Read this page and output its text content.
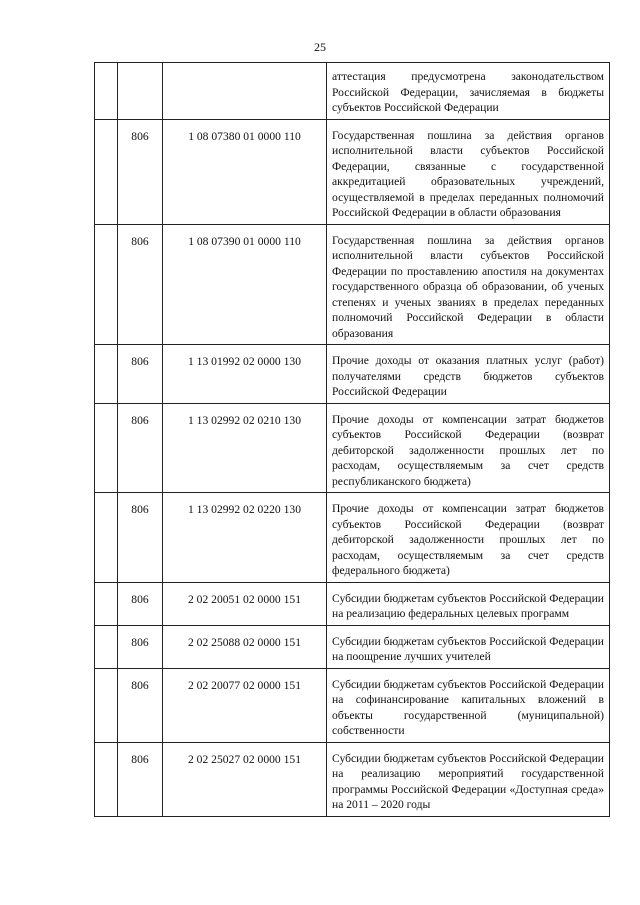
25
			аттестация предусмотрена законодательством Российской Федерации, зачисляемая в бюджеты субъектов Российской Федерации
	806	1 08 07380 01 0000 110	Государственная пошлина за действия органов исполнительной власти субъектов Российской Федерации, связанные с государственной аккредитацией образовательных учреждений, осуществляемой в пределах переданных полномочий Российской Федерации в области образования
	806	1 08 07390 01 0000 110	Государственная пошлина за действия органов исполнительной власти субъектов Российской Федерации по проставлению апостиля на документах государственного образца об образовании, об ученых степенях и ученых званиях в пределах переданных полномочий Российской Федерации в области образования
	806	1 13 01992 02 0000 130	Прочие доходы от оказания платных услуг (работ) получателями средств бюджетов субъектов Российской Федерации
	806	1 13 02992 02 0210 130	Прочие доходы от компенсации затрат бюджетов субъектов Российской Федерации (возврат дебиторской задолженности прошлых лет по расходам, осуществляемым за счет средств республиканского бюджета)
	806	1 13 02992 02 0220 130	Прочие доходы от компенсации затрат бюджетов субъектов Российской Федерации (возврат дебиторской задолженности прошлых лет по расходам, осуществляемым за счет средств федерального бюджета)
	806	2 02 20051 02 0000 151	Субсидии бюджетам субъектов Российской Федерации на реализацию федеральных целевых программ
	806	2 02 25088 02 0000 151	Субсидии бюджетам субъектов Российской Федерации на поощрение лучших учителей
	806	2 02 20077 02 0000 151	Субсидии бюджетам субъектов Российской Федерации на софинансирование капитальных вложений в объекты государственной (муниципальной) собственности
	806	2 02 25027 02 0000 151	Субсидии бюджетам субъектов Российской Федерации на реализацию мероприятий государственной программы Российской Федерации «Доступная среда» на 2011 – 2020 годы
